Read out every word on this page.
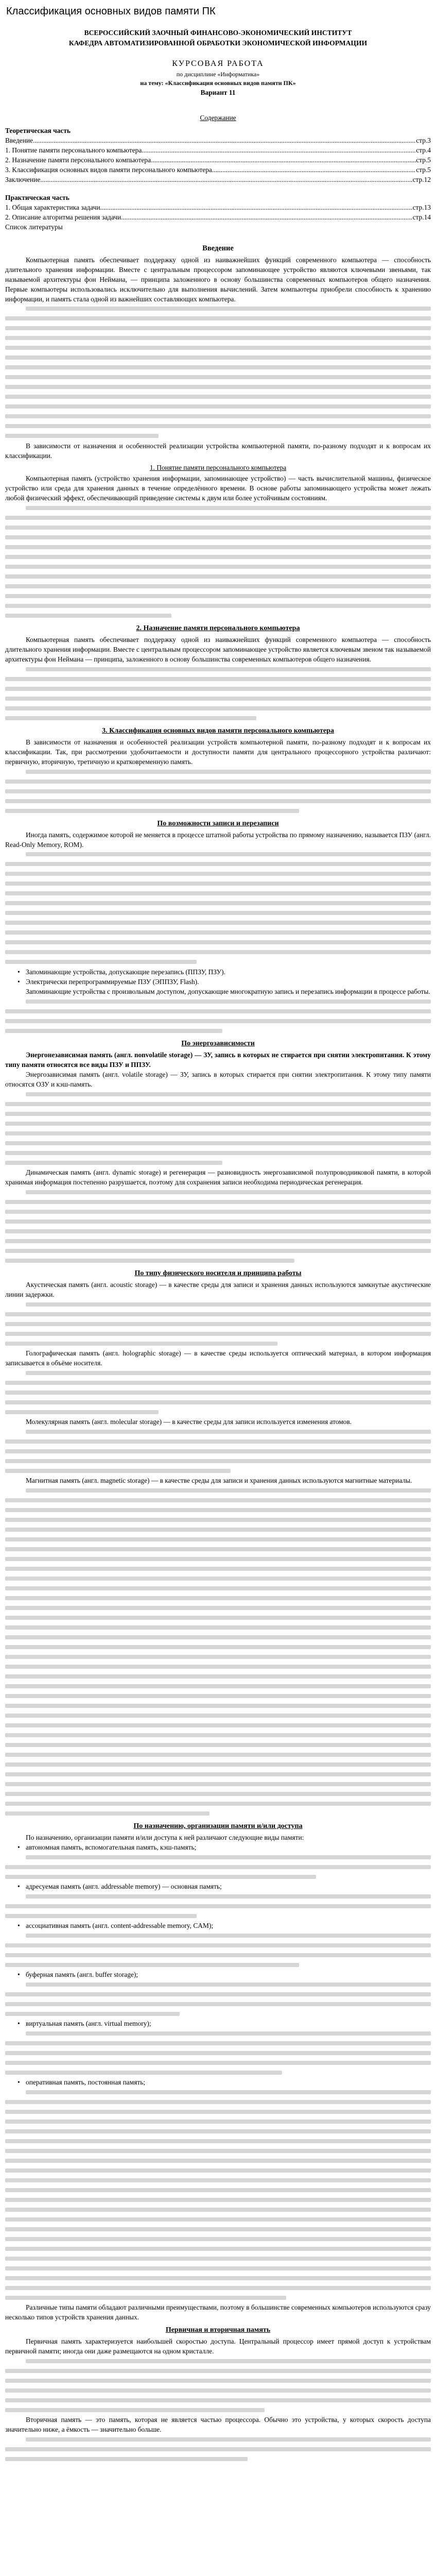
Классификация основных видов памяти ПК
ВСЕРОССИЙСКИЙ ЗАОЧНЫЙ ФИНАНСОВО-ЭКОНОМИЧЕСКИЙ ИНСТИТУТ
КАФЕДРА АВТОМАТИЗИРОВАННОЙ ОБРАБОТКИ ЭКОНОМИЧЕСКОЙ ИНФОРМАЦИИ
КУРСОВАЯ РАБОТА
по дисциплине «Информатика»
на тему: «Классификация основных видов памяти ПК»
Вариант 11
Содержание
Теоретическая часть
Введение .....	стр.3
1. Понятие памяти персонального компьютера .....	стр.4
2. Назначение памяти персонального компьютера .....	стр.5
3. Классификация основных видов памяти персонального компьютера .....	стр.5
Заключение .....	стр.12
Практическая часть
1. Общая характеристика задачи .....	стр.13
2. Описание алгоритма решения задачи .....	стр.14
Список литературы
Введение

Компьютерная память обеспечивает поддержку одной из наиважнейших функций современного компьютера — способность длительного хранения информации. Вместе с центральным процессором запоминающее устройство являются ключевыми звеньями, так называемой архитектуры фон Неймана, — принципа заложенного в основу большинства современных компьютеров общего назначения. Первые компьютеры использовались исключительно для выполнения вычислений. Затем компьютеры приобрели способность к хранению информации, и память стала одной из важнейших составляющих компьютера.

В зависимости от назначения и особенностей реализации устройства компьютерной памяти, по-разному подходят и к вопросам их классификации.

1. Понятие памяти персонального компьютера

Компьютерная память (устройство хранения информации, запоминающее устройство) — часть вычислительной машины, физическое устройство или среда для хранения данных в течение определённого времени. В основе работы запоминающего устройства может лежать любой физический эффект, обеспечивающий приведение системы к двум или более устойчивым состояниям.

2. Назначение памяти персонального компьютера

Компьютерная память обеспечивает поддержку одной из наиважнейших функций современного компьютера — способность длительного хранения информации. Вместе с центральным процессором запоминающее устройство является ключевым звеном так называемой архитектуры фон Неймана — принципа, заложенного в основу большинства современных компьютеров общего назначения.

3. Классификация основных видов памяти персонального компьютера

В зависимости от назначения и особенностей реализации устройств компьютерной памяти, по-разному подходят и к вопросам их классификации. Так, при рассмотрении удобочитаемости и доступности памяти для центрального процессорного устройства различают: первичную, вторичную, третичную и кратковременную память.

По возможности записи и перезаписи

Иногда память, содержимое которой не меняется в процессе штатной работы устройства по прямому назначению, называется ПЗУ (англ. Read-Only Memory, ROM).

• Запоминающие устройства, допускающие перезапись (ППЗУ, ПЗУ).

• Электрически перепрограммируемые ПЗУ (ЭППЗУ, Flash).

Запоминающие устройства с произвольным доступом, допускающие многократную запись и перезапись информации в процессе работы.

По энергозависимости

Энергонезависимая память (англ. nonvolatile storage) — ЗУ, запись в которых не стирается при снятии электропитания. К этому типу памяти относятся все виды ПЗУ и ППЗУ.

Энергозависимая память (англ. volatile storage) — ЗУ, запись в которых стирается при снятии электропитания. К этому типу памяти относятся ОЗУ и кэш-память.

Динамическая память (англ. dynamic storage) и регенерация — разновидность энергозависимой полупроводниковой памяти, в которой хранимая информация постепенно разрушается, поэтому для сохранения записи необходима периодическая регенерация.

По типу физического носителя и принципа работы

Акустическая память (англ. acoustic storage) — в качестве среды для записи и хранения данных используются замкнутые акустические линии задержки.

Голографическая память (англ. holographic storage) — в качестве среды используется оптический материал, в котором информация записывается в объёме носителя.

Молекулярная память (англ. molecular storage) — в качестве среды для записи используется изменения атомов.

Магнитная память (англ. magnetic storage) — в качестве среды для записи и хранения данных используются магнитные материалы.

По назначению, организации памяти и/или доступа

По назначению, организации памяти и/или доступа к ней различают следующие виды памяти:

• автономная память, вспомогательная память, кэш-память;

• адресуемая память (англ. addressable memory) — основная память;

• ассоциативная память (англ. content-addressable memory, CAM);

• буферная память (англ. buffer storage);

• виртуальная память (англ. virtual memory);

• оперативная память, постоянная память;

Различные типы памяти обладают различными преимуществами, поэтому в большинстве современных компьютеров используются сразу несколько типов устройств хранения данных.

Первичная и вторичная память

Первичная память характеризуется наибольшей скоростью доступа. Центральный процессор имеет прямой доступ к устройствам первичной памяти; иногда они даже размещаются на одном кристалле.

Вторичная память — это память, которая не является частью процессора. Обычно это устройства, у которых скорость доступа значительно ниже, а ёмкость — значительно больше.
